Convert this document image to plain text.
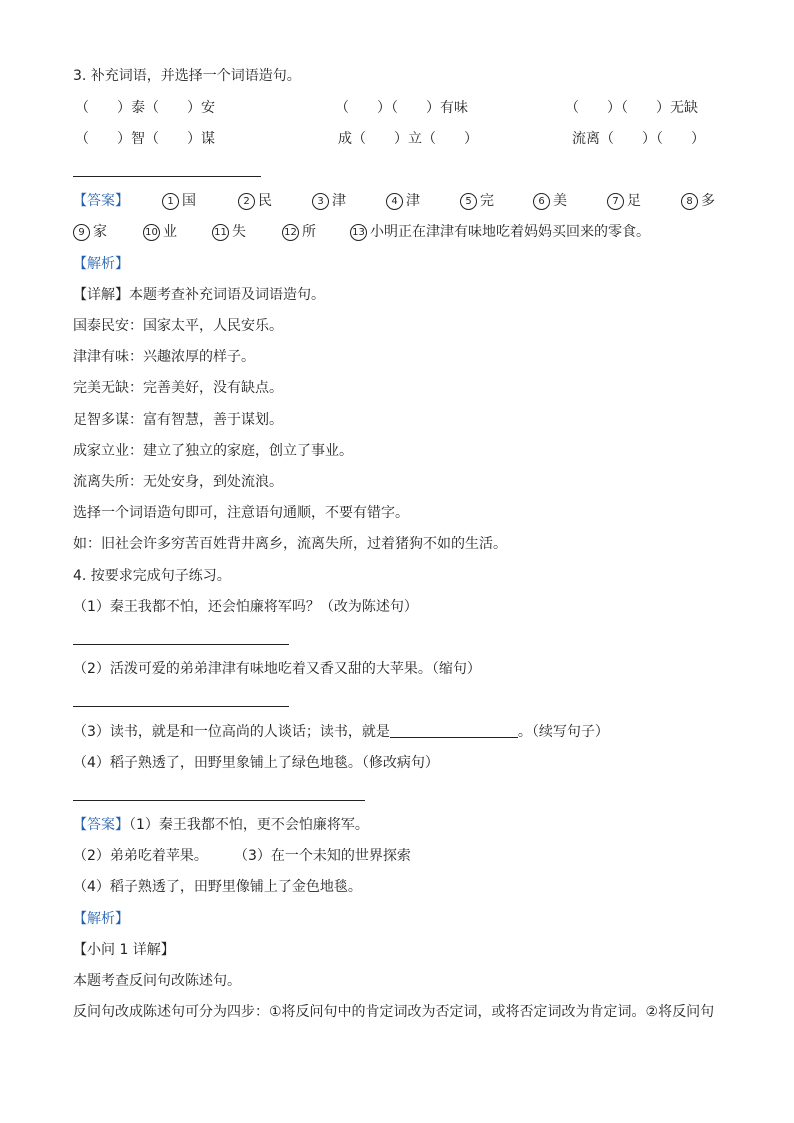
3. 补充词语，并选择一个词语造句。
（　　）泰（　　）安	（　　）（　　）有味	（　　）（　　）无缺
（　　）智（　　）谋	成（　　）立（　　）	流离（　　）（　　）
【答案】	1 国	2 民	3 津	4 津	5 完	6 美	7 足	8 多
9 家	10 业	11 失	12 所	13 小明正在津津有味地吃着妈妈买回来的零食。
【解析】
【详解】本题考查补充词语及词语造句。
国泰民安：国家太平，人民安乐。
津津有味：兴趣浓厚的样子。
完美无缺：完善美好，没有缺点。
足智多谋：富有智慧，善于谋划。
成家立业：建立了独立的家庭，创立了事业。
流离失所：无处安身，到处流浪。
选择一个词语造句即可，注意语句通顺，不要有错字。
如：旧社会许多穷苦百姓背井离乡，流离失所，过着猪狗不如的生活。
4. 按要求完成句子练习。
（1）秦王我都不怕，还会怕廉将军吗？（改为陈述句）
（2）活泼可爱的弟弟津津有味地吃着又香又甜的大苹果。（缩句）
（3）读书，就是和一位高尚的人谈话；读书，就是	。（续写句子）
（4）稻子熟透了，田野里象铺上了绿色地毯。（修改病句）
【答案】（1）秦王我都不怕，更不会怕廉将军。
（2）弟弟吃着苹果。 （3）在一个未知的世界探索
（4）稻子熟透了，田野里像铺上了金色地毯。
【解析】
【小问 1 详解】
本题考查反问句改陈述句。
反问句改成陈述句可分为四步：①将反问句中的肯定词改为否定词，或将否定词改为肯定词。②将反问句
